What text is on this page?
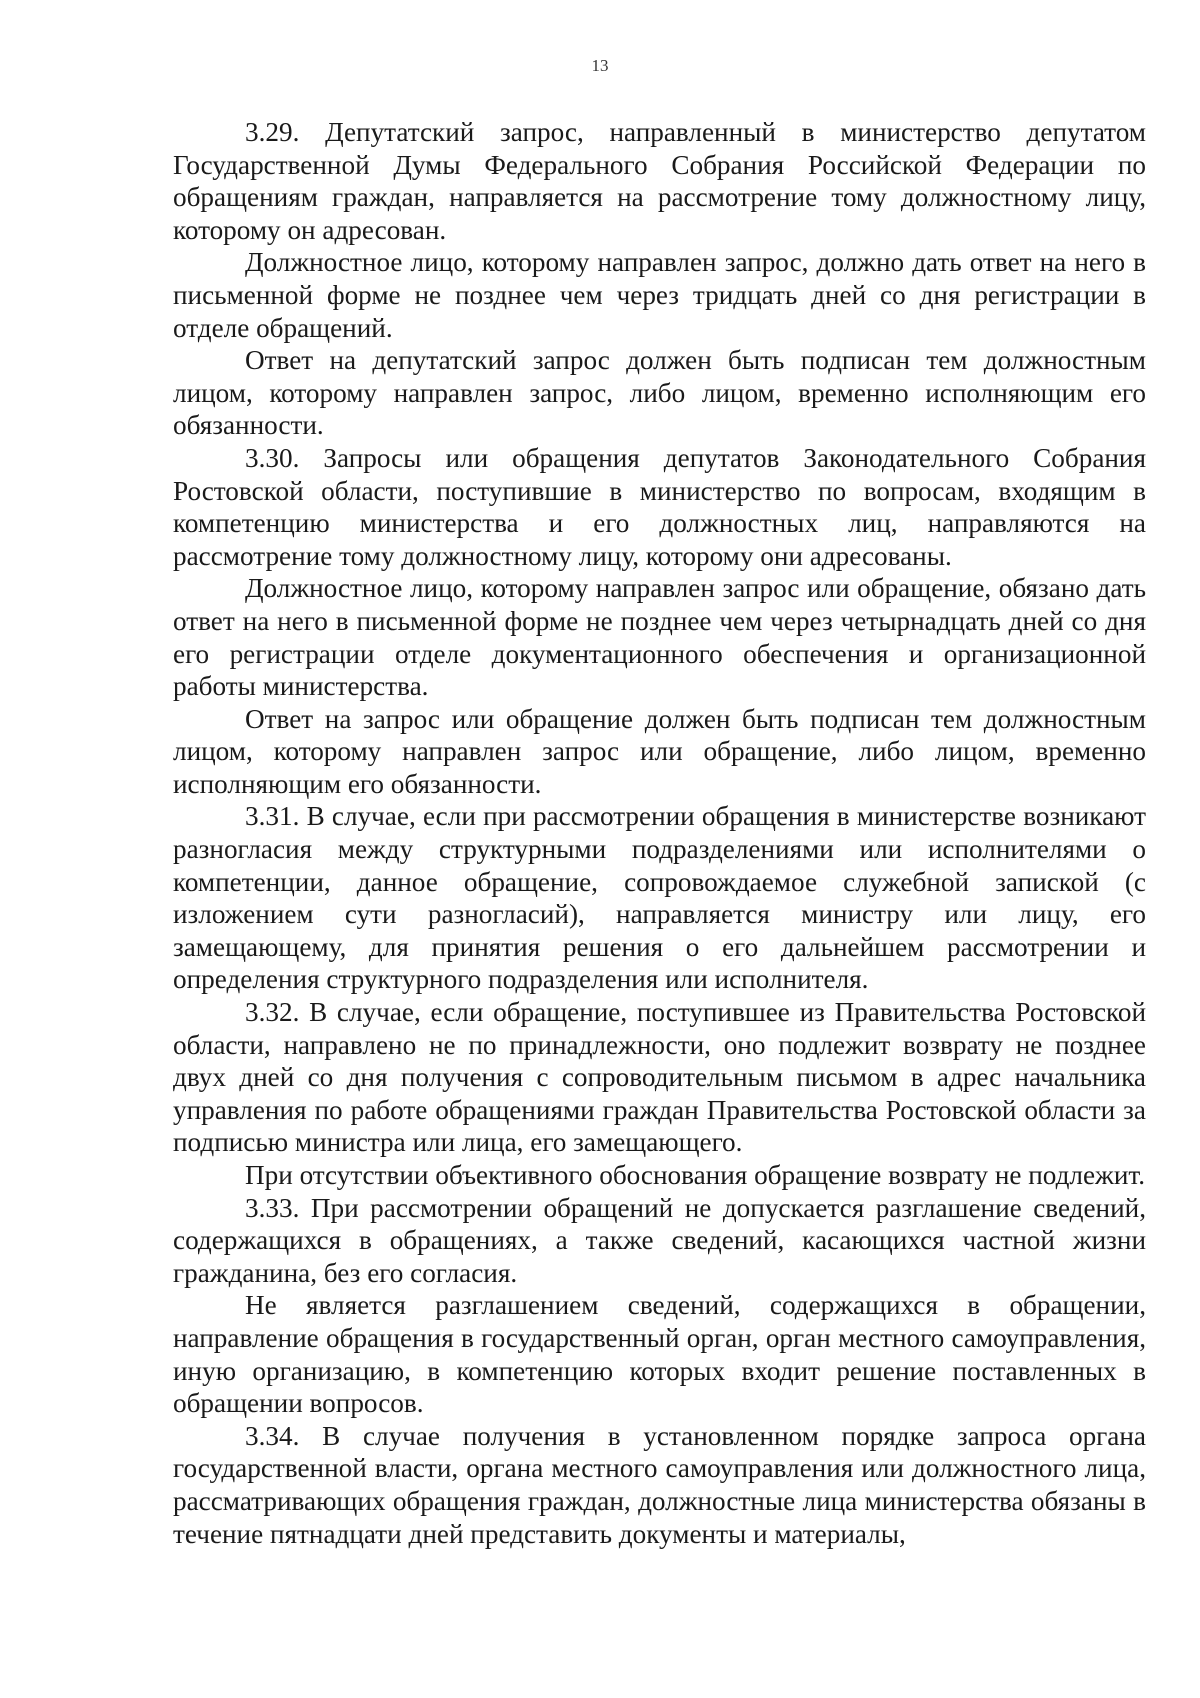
13

3.29. Депутатский запрос, направленный в министерство депутатом Государственной Думы Федерального Собрания Российской Федерации по обращениям граждан, направляется на рассмотрение тому должностному лицу, которому он адресован.

Должностное лицо, которому направлен запрос, должно дать ответ на него в письменной форме не позднее чем через тридцать дней со дня регистрации в отделе обращений.

Ответ на депутатский запрос должен быть подписан тем должностным лицом, которому направлен запрос, либо лицом, временно исполняющим его обязанности.

3.30. Запросы или обращения депутатов Законодательного Собрания Ростовской области, поступившие в министерство по вопросам, входящим в компетенцию министерства и его должностных лиц, направляются на рассмотрение тому должностному лицу, которому они адресованы.

Должностное лицо, которому направлен запрос или обращение, обязано дать ответ на него в письменной форме не позднее чем через четырнадцать дней со дня его регистрации отделе документационного обеспечения и организационной работы министерства.

Ответ на запрос или обращение должен быть подписан тем должностным лицом, которому направлен запрос или обращение, либо лицом, временно исполняющим его обязанности.

3.31. В случае, если при рассмотрении обращения в министерстве возникают разногласия между структурными подразделениями или исполнителями о компетенции, данное обращение, сопровождаемое служебной запиской (с изложением сути разногласий), направляется министру или лицу, его замещающему, для принятия решения о его дальнейшем рассмотрении и определения структурного подразделения или исполнителя.

3.32. В случае, если обращение, поступившее из Правительства Ростовской области, направлено не по принадлежности, оно подлежит возврату не позднее двух дней со дня получения с сопроводительным письмом в адрес начальника управления по работе обращениями граждан Правительства Ростовской области за подписью министра или лица, его замещающего.

При отсутствии объективного обоснования обращение возврату не подлежит.

3.33. При рассмотрении обращений не допускается разглашение сведений, содержащихся в обращениях, а также сведений, касающихся частной жизни гражданина, без его согласия.

Не является разглашением сведений, содержащихся в обращении, направление обращения в государственный орган, орган местного самоуправления, иную организацию, в компетенцию которых входит решение поставленных в обращении вопросов.

3.34. В случае получения в установленном порядке запроса органа государственной власти, органа местного самоуправления или должностного лица, рассматривающих обращения граждан, должностные лица министерства обязаны в течение пятнадцати дней представить документы и материалы,
